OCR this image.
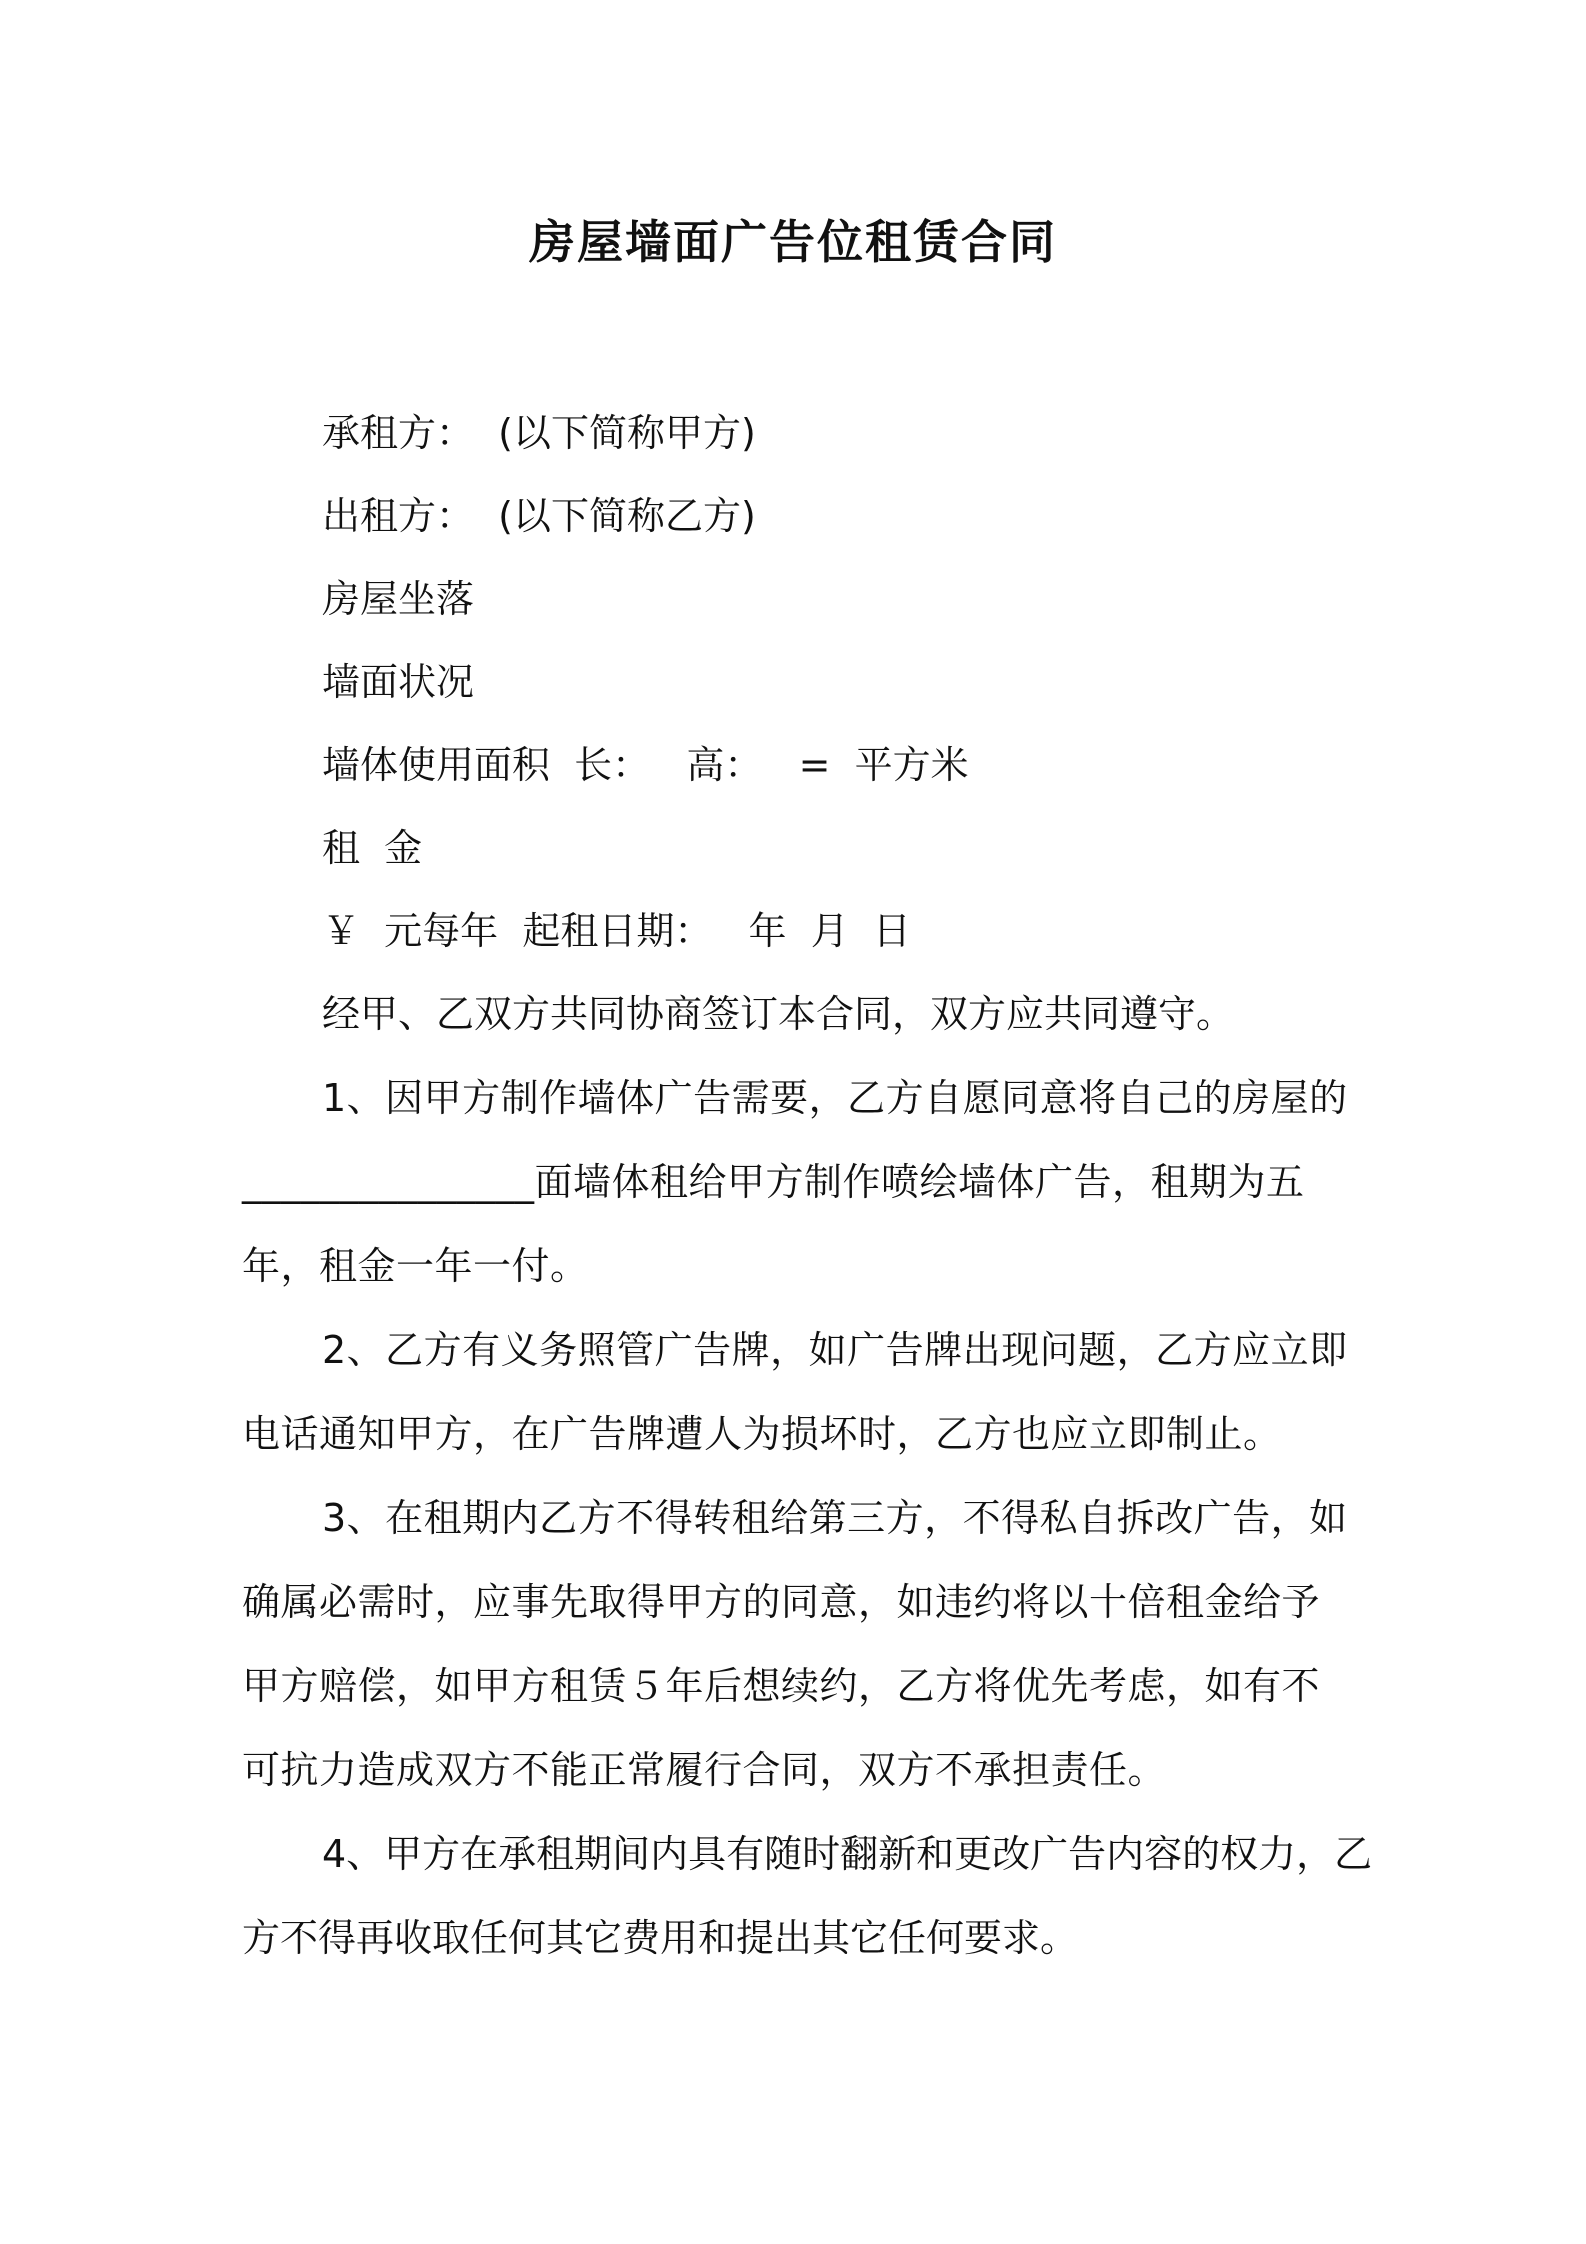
房屋墙面广告位租赁合同
承租方：  (以下简称甲方)
出租方：  (以下简称乙方)
房屋坐落
墙面状况
墙体使用面积  长：   高：   =  平方米
租  金
￥  元每年  起租日期：   年  月  日
经甲、乙双方共同协商签订本合同，双方应共同遵守。

1、因甲方制作墙体广告需要，乙方自愿同意将自己的房屋的_______________面墙体租给甲方制作喷绘墙体广告，租期为五年，租金一年一付。

2、乙方有义务照管广告牌，如广告牌出现问题，乙方应立即电话通知甲方，在广告牌遭人为损坏时，乙方也应立即制止。

3、在租期内乙方不得转租给第三方，不得私自拆改广告，如确属必需时，应事先取得甲方的同意，如违约将以十倍租金给予甲方赔偿，如甲方租赁５年后想续约，乙方将优先考虑，如有不可抗力造成双方不能正常履行合同，双方不承担责任。

4、甲方在承租期间内具有随时翻新和更改广告内容的权力，乙方不得再收取任何其它费用和提出其它任何要求。
